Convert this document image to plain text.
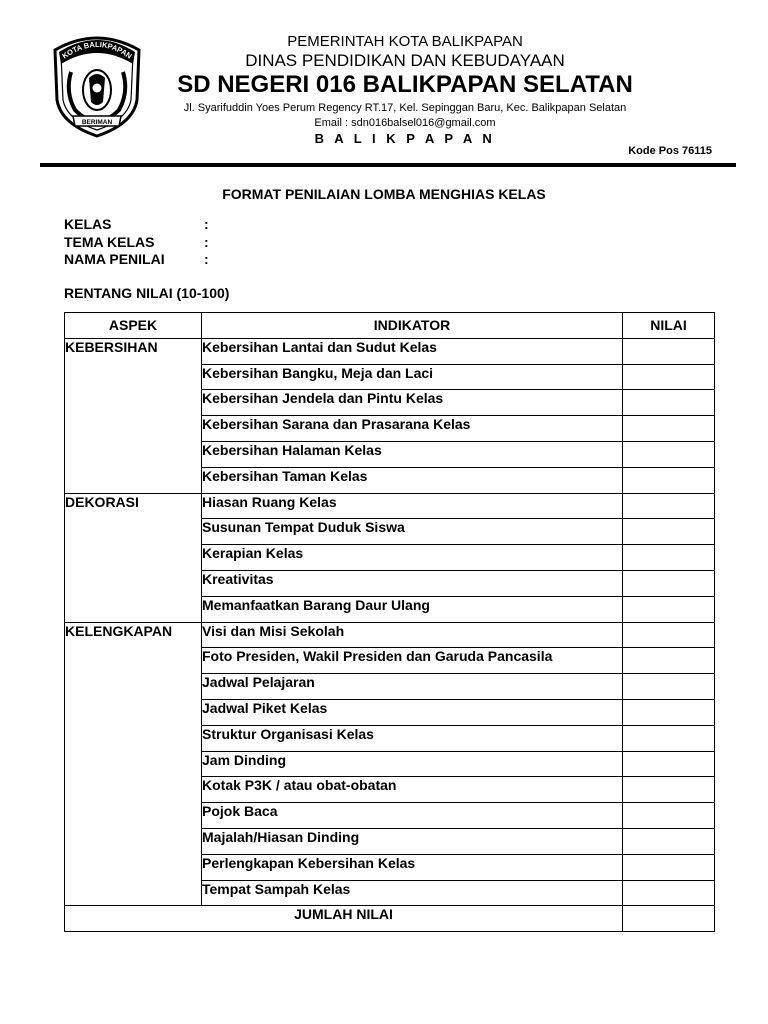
KOTA BALIKPAPAN
BERIMAN
PEMERINTAH KOTA BALIKPAPAN
DINAS PENDIDIKAN DAN KEBUDAYAAN
SD NEGERI 016 BALIKPAPAN SELATAN
Jl. Syarifuddin Yoes Perum Regency RT.17, Kel. Sepinggan Baru, Kec. Balikpapan Selatan
Email : sdn016balsel016@gmail.com
B A L I K P A P A N
Kode Pos 76115
FORMAT PENILAIAN LOMBA MENGHIAS KELAS
KELAS	:
TEMA KELAS	:
NAMA PENILAI	:
RENTANG NILAI (10-100)
ASPEK	INDIKATOR	NILAI
KEBERSIHAN	Kebersihan Lantai dan Sudut Kelas	
	Kebersihan Bangku, Meja dan Laci	
	Kebersihan Jendela dan Pintu Kelas	
	Kebersihan Sarana dan Prasarana Kelas	
	Kebersihan Halaman Kelas	
	Kebersihan Taman Kelas	
DEKORASI	Hiasan Ruang Kelas	
	Susunan Tempat Duduk Siswa	
	Kerapian Kelas	
	Kreativitas	
	Memanfaatkan Barang Daur Ulang	
KELENGKAPAN	Visi dan Misi Sekolah	
	Foto Presiden, Wakil Presiden dan Garuda Pancasila	
	Jadwal Pelajaran	
	Jadwal Piket Kelas	
	Struktur Organisasi Kelas	
	Jam Dinding	
	Kotak P3K / atau obat-obatan	
	Pojok Baca	
	Majalah/Hiasan Dinding	
	Perlengkapan Kebersihan Kelas	
	Tempat Sampah Kelas	
JUMLAH NILAI		
